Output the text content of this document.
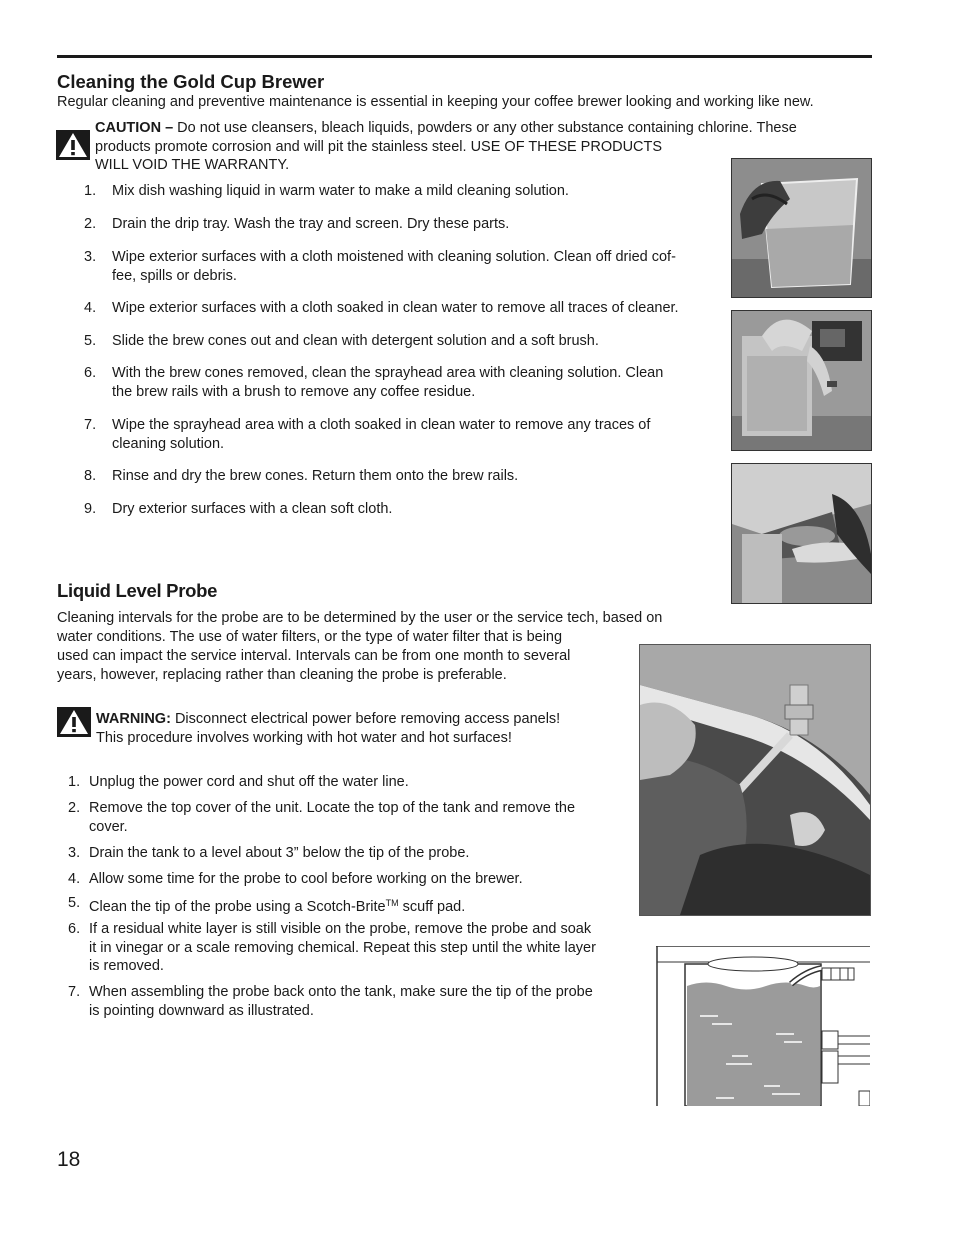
Cleaning the Gold Cup Brewer

Regular cleaning and preventive maintenance is essential in keeping your coffee brewer looking and working like new.

CAUTION – Do not use cleansers, bleach liquids, powders or any other substance containing chlorine. These
products promote corrosion and will pit the stainless steel. USE OF THESE PRODUCTS
WILL VOID THE WARRANTY.
1. Mix dish washing liquid in warm water to make a mild cleaning solution.
2. Drain the drip tray. Wash the tray and screen. Dry these parts.
3. Wipe exterior surfaces with a cloth moistened with cleaning solution. Clean off dried cof-
fee, spills or debris.
4. Wipe exterior surfaces with a cloth soaked in clean water to remove all traces of cleaner.
5. Slide the brew cones out and clean with detergent solution and a soft brush.
6. With the brew cones removed, clean the sprayhead area with cleaning solution. Clean
the brew rails with a brush to remove any coffee residue.
7. Wipe the sprayhead area with a cloth soaked in clean water to remove any traces of
cleaning solution.
8. Rinse and dry the brew cones. Return them onto the brew rails.
9. Dry exterior surfaces with a clean soft cloth.
Liquid Level Probe
Cleaning intervals for the probe are to be determined by the user or the service tech, based on
water conditions. The use of water filters, or the type of water filter that is being
used can impact the service interval. Intervals can be from one month to several
years, however, replacing rather than cleaning the probe is preferable.
WARNING: Disconnect electrical power before removing access panels!
This procedure involves working with hot water and hot surfaces!
1. Unplug the power cord and shut off the water line.
2. Remove the top cover of the unit. Locate the top of the tank and remove the
cover.
3. Drain the tank to a level about 3” below the tip of the probe.
4. Allow some time for the probe to cool before working on the brewer.
5. Clean the tip of the probe using a Scotch-Brite™ scuff pad.
6. If a residual white layer is still visible on the probe, remove the probe and soak
it in vinegar or a scale removing chemical. Repeat this step until the white layer
is removed.
7. When assembling the probe back onto the tank, make sure the tip of the probe
is pointing downward as illustrated.
18
